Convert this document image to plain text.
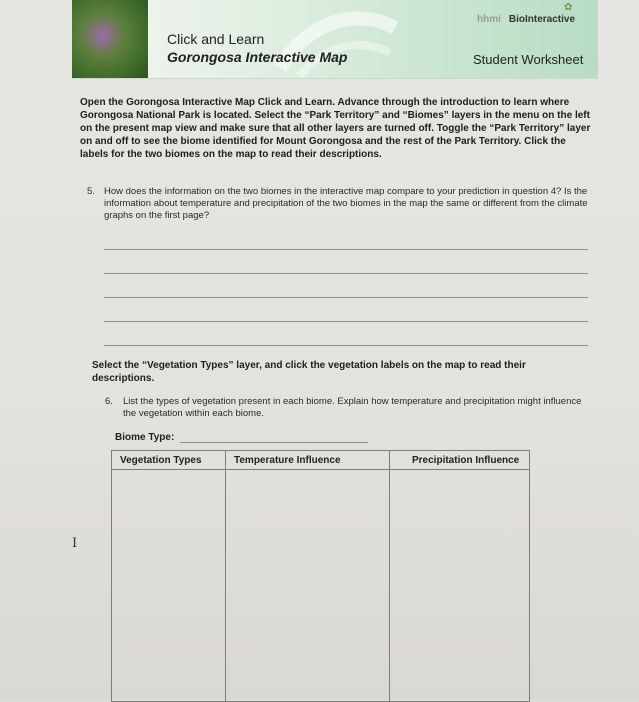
Click and Learn
Gorongosa Interactive Map
✿
hhmi BioInteractive
Student Worksheet
Open the Gorongosa Interactive Map Click and Learn. Advance through the introduction to learn where Gorongosa National Park is located. Select the “Park Territory” and “Biomes” layers in the menu on the left on the present map view and make sure that all other layers are turned off. Toggle the “Park Territory” layer on and off to see the biome identified for Mount Gorongosa and the rest of the Park Territory. Click the labels for the two biomes on the map to read their descriptions.
5. How does the information on the two biomes in the interactive map compare to your prediction in question 4? Is the information about temperature and precipitation of the two biomes in the map the same or different from the climate graphs on the first page?
Select the “Vegetation Types” layer, and click the vegetation labels on the map to read their descriptions.
6. List the types of vegetation present in each biome. Explain how temperature and precipitation might influence the vegetation within each biome.
Biome Type:
Vegetation Types	Temperature Influence	Precipitation Influence

I
